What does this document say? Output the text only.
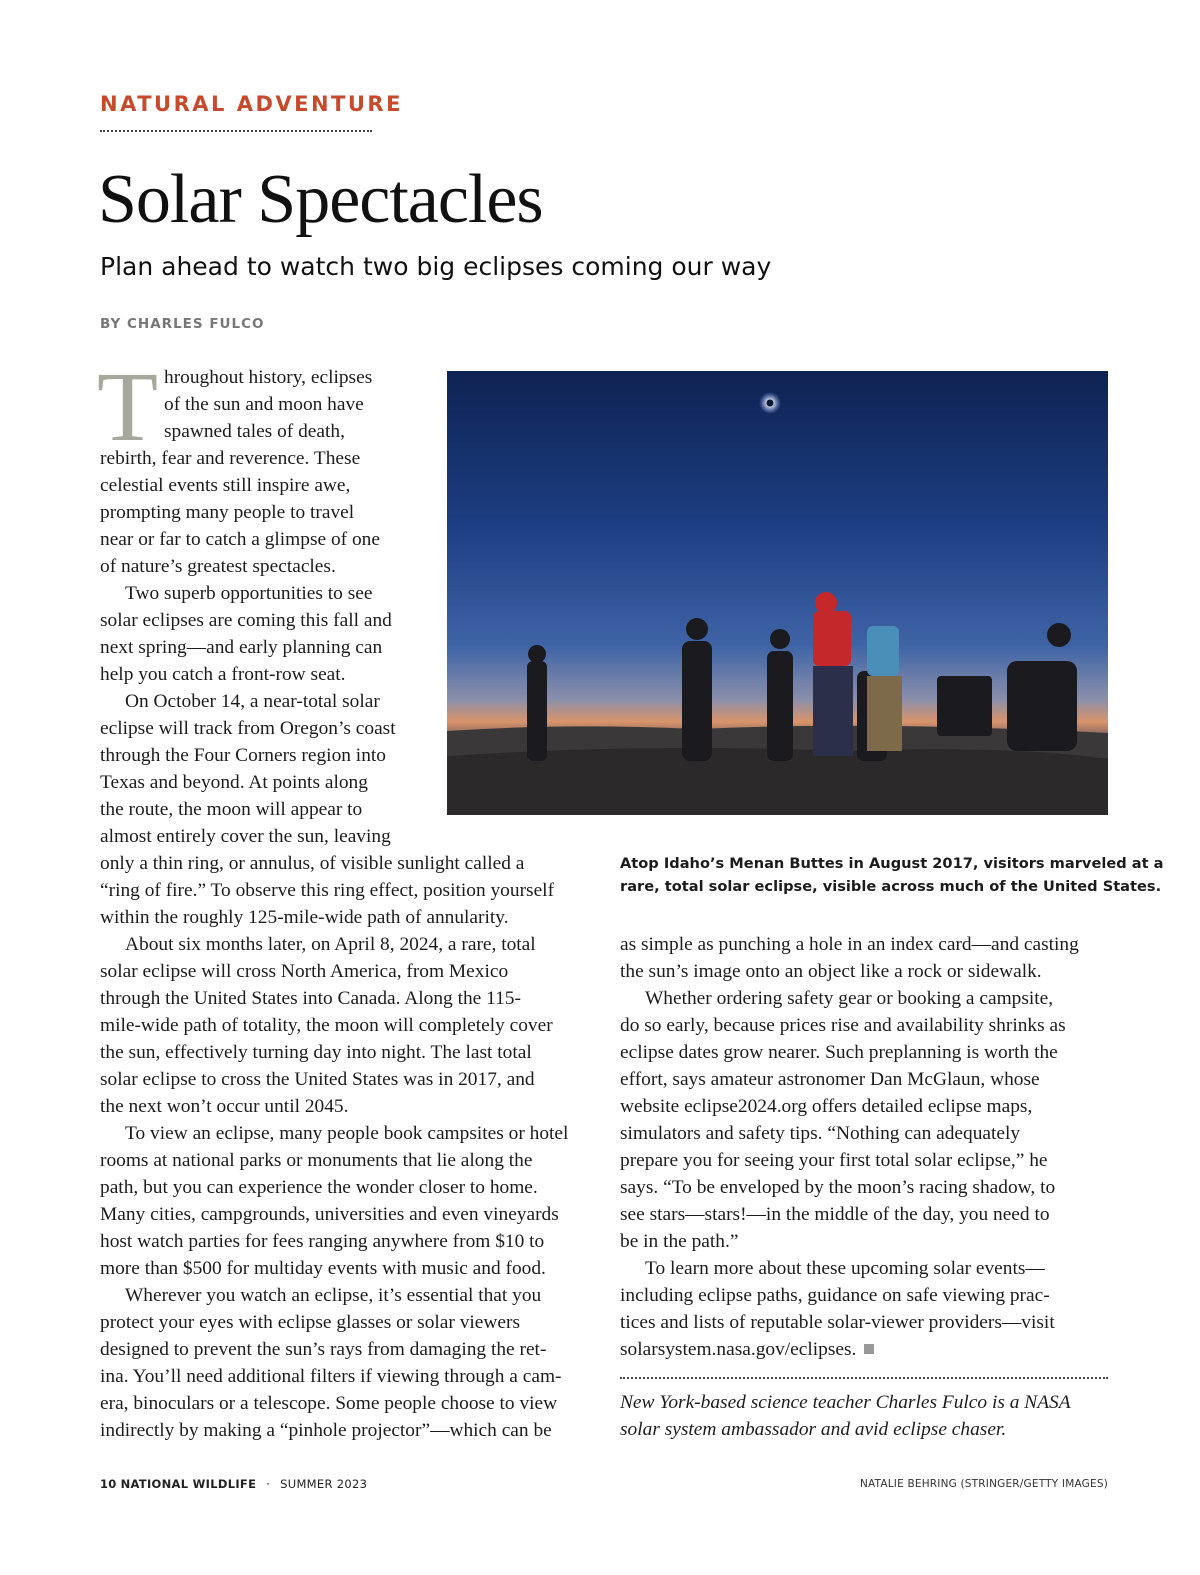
NATURAL ADVENTURE
Solar Spectacles
Plan ahead to watch two big eclipses coming our way
BY CHARLES FULCO
T hroughout history, eclipses
of the sun and moon have
spawned tales of death,
rebirth, fear and reverence. These
celestial events still inspire awe,
prompting many people to travel
near or far to catch a glimpse of one
of nature’s greatest spectacles.
Two superb opportunities to see
solar eclipses are coming this fall and
next spring—and early planning can
help you catch a front-row seat.
On October 14, a near-total solar
eclipse will track from Oregon’s coast
through the Four Corners region into
Texas and beyond. At points along
the route, the moon will appear to
almost entirely cover the sun, leaving
only a thin ring, or annulus, of visible sunlight called a
“ring of fire.” To observe this ring effect, position yourself
within the roughly 125-mile-wide path of annularity.
About six months later, on April 8, 2024, a rare, total
solar eclipse will cross North America, from Mexico
through the United States into Canada. Along the 115-
mile-wide path of totality, the moon will completely cover
the sun, effectively turning day into night. The last total
solar eclipse to cross the United States was in 2017, and
the next won’t occur until 2045.
To view an eclipse, many people book campsites or hotel
rooms at national parks or monuments that lie along the
path, but you can experience the wonder closer to home.
Many cities, campgrounds, universities and even vineyards
host watch parties for fees ranging anywhere from $10 to
more than $500 for multiday events with music and food.
Wherever you watch an eclipse, it’s essential that you
protect your eyes with eclipse glasses or solar viewers
designed to prevent the sun’s rays from damaging the ret-
ina. You’ll need additional filters if viewing through a cam-
era, binoculars or a telescope. Some people choose to view
indirectly by making a “pinhole projector”—which can be
Atop Idaho’s Menan Buttes in August 2017, visitors marveled at a
rare, total solar eclipse, visible across much of the United States.
as simple as punching a hole in an index card—and casting
the sun’s image onto an object like a rock or sidewalk.
Whether ordering safety gear or booking a campsite,
do so early, because prices rise and availability shrinks as
eclipse dates grow nearer. Such preplanning is worth the
effort, says amateur astronomer Dan McGlaun, whose
website eclipse2024.org offers detailed eclipse maps,
simulators and safety tips. “Nothing can adequately
prepare you for seeing your first total solar eclipse,” he
says. “To be enveloped by the moon’s racing shadow, to
see stars—stars!—in the middle of the day, you need to
be in the path.”
To learn more about these upcoming solar events—
including eclipse paths, guidance on safe viewing prac-
tices and lists of reputable solar-viewer providers—visit
solarsystem.nasa.gov/eclipses.
New York-based science teacher Charles Fulco is a NASA
solar system ambassador and avid eclipse chaser.
10 NATIONAL WILDLIFE · SUMMER 2023	NATALIE BEHRING (STRINGER/GETTY IMAGES)
